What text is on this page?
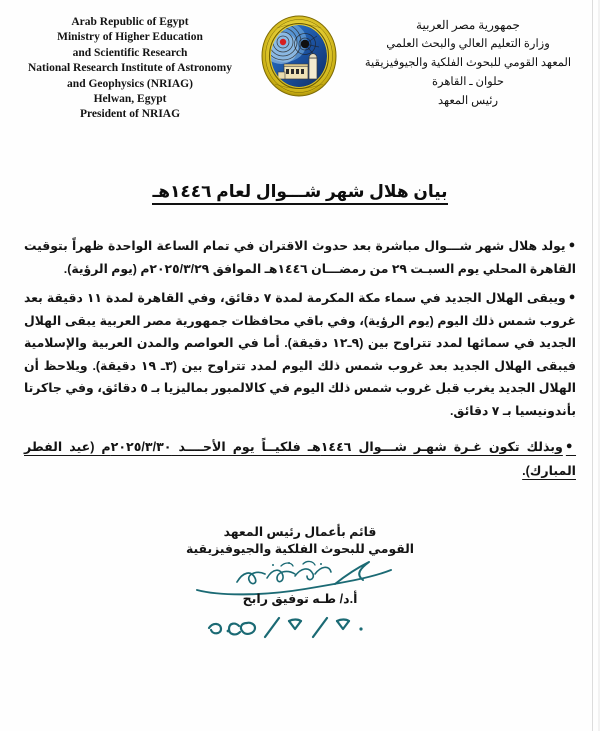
جمهورية مصر العربية
وزارة التعليم العالي والبحث العلمي
المعهد القومي للبحوث الفلكية والجيوفيزيقية
حلوان ـ القاهرة
رئيس المعهد
Arab Republic of Egypt
Ministry of Higher Education
and Scientific Research
National Research Institute of Astronomy
and Geophysics (NRIAG)
Helwan, Egypt
President of NRIAG
بيان هلال شهر شـــوال لعام ١٤٤٦هـ

●يولد هلال شهر شـــوال مباشرة بعد حدوث الاقتران في تمام الساعة الواحدة ظهراً بتوقيت القاهرة المحلي يوم السبـت ٢٩ من رمضـــان ١٤٤٦هـ الموافق ٢٠٢٥/٣/٢٩م (يوم الرؤية).

●ويبقى الهلال الجديد في سماء مكة المكرمة لمدة ٧ دقائق، وفي القاهرة لمدة ١١ دقيقة بعد غروب شمس ذلك اليوم (يوم الرؤية)، وفي باقي محافظات جمهورية مصر العربية يبقى الهلال الجديد في سمائها لمدد تتراوح بين (٩ـ١٢ دقيقة). أما في العواصم والمدن العربية والإسلامية فيبقى الهلال الجديد بعد غروب شمس ذلك اليوم لمدد تتراوح بين (٣ـ ١٩ دقيقة). ويلاحظ أن الهلال الجديد يغرب قبل غروب شمس ذلك اليوم في كالالمبور بماليزيا بـ ٥ دقائق، وفي جاكرتا بأندونيسيا بـ ٧ دقائق.

●وبذلك تكون غـرة شهـر شـــوال ١٤٤٦هـ فلكيــاً يوم الأحــــد ٢٠٢٥/٣/٣٠م (عيد الفطر المبارك).

قائم بأعمال رئيس المعهد
القومي للبحوث الفلكية والجيوفيزيقية
أ.د/ طـه توفيق رابح
